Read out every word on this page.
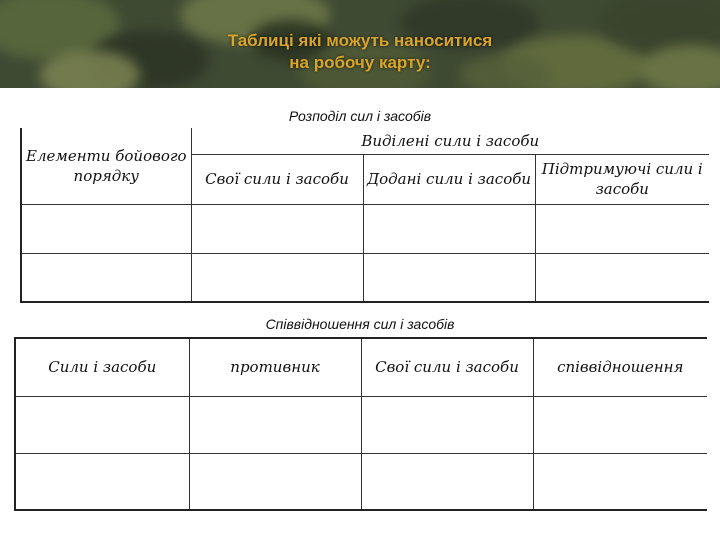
Таблиці які можуть наноситися
на робочу карту:
Розподіл сил і засобів
Елементи бойового порядку	Виділені сили і засоби		
	Свої сили і засоби	Додані сили і засоби	Підтримуючі сили і засоби

Співвідношення сил і засобів
Сили і засоби	противник	Свої сили і засоби	співвідношення
